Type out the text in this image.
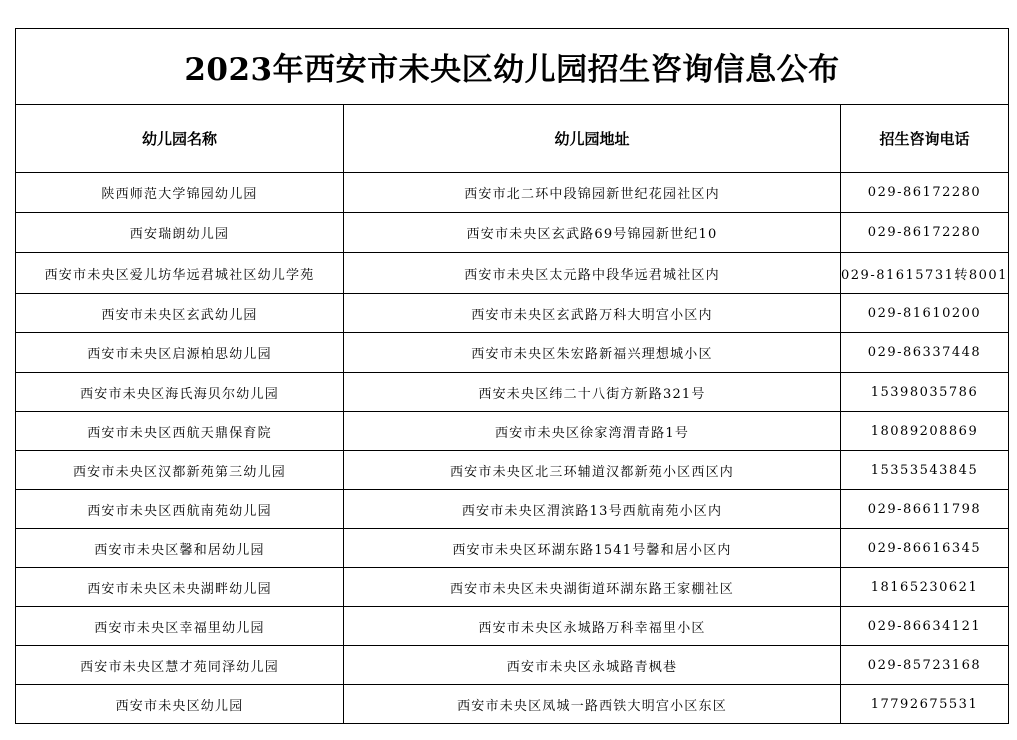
2023年西安市未央区幼儿园招生咨询信息公布		
幼儿园名称	幼儿园地址	招生咨询电话
陕西师范大学锦园幼儿园	西安市北二环中段锦园新世纪花园社区内	029-86172280
西安瑞朗幼儿园	西安市未央区玄武路69号锦园新世纪10	029-86172280
西安市未央区爱儿坊华远君城社区幼儿学苑	西安市未央区太元路中段华远君城社区内	029-81615731转8001
西安市未央区玄武幼儿园	西安市未央区玄武路万科大明宫小区内	029-81610200
西安市未央区启源柏思幼儿园	西安市未央区朱宏路新福兴理想城小区	029-86337448
西安市未央区海氏海贝尔幼儿园	西安未央区纬二十八街方新路321号	15398035786
西安市未央区西航天鼎保育院	西安市未央区徐家湾渭青路1号	18089208869
西安市未央区汉都新苑第三幼儿园	西安市未央区北三环辅道汉都新苑小区西区内	15353543845
西安市未央区西航南苑幼儿园	西安市未央区渭滨路13号西航南苑小区内	029-86611798
西安市未央区馨和居幼儿园	西安市未央区环湖东路1541号馨和居小区内	029-86616345
西安市未央区未央湖畔幼儿园	西安市未央区未央湖街道环湖东路王家棚社区	18165230621
西安市未央区幸福里幼儿园	西安市未央区永城路万科幸福里小区	029-86634121
西安市未央区慧才苑同泽幼儿园	西安市未央区永城路青枫巷	029-85723168
西安市未央区幼儿园	西安市未央区凤城一路西铁大明宫小区东区	17792675531
